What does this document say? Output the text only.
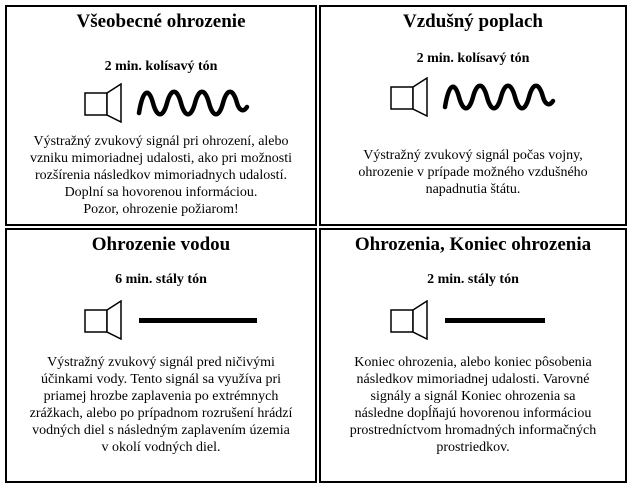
Všeobecné ohrozenie
2 min. kolísavý tón
Výstražný zvukový signál pri ohrození, alebo
vzniku mimoriadnej udalosti, ako pri možnosti
rozšírenia následkov mimoriadnych udalostí.
Doplní sa hovorenou informáciou.
Pozor, ohrozenie požiarom!
Vzdušný poplach
2 min. kolísavý tón
Výstražný zvukový signál počas vojny,
ohrozenie v prípade možného vzdušného
napadnutia štátu.
Ohrozenie vodou
6 min. stály tón
Výstražný zvukový signál pred ničivými
účinkami vody. Tento signál sa využíva pri
priamej hrozbe zaplavenia po extrémnych
zrážkach, alebo po prípadnom rozrušení hrádzí
vodných diel s následným zaplavením územia
v okolí vodných diel.
Ohrozenia, Koniec ohrozenia
2 min. stály tón
Koniec ohrozenia, alebo koniec pôsobenia
následkov mimoriadnej udalosti. Varovné
signály a signál Koniec ohrozenia sa
následne dopĺňajú hovorenou informáciou
prostredníctvom hromadných informačných
prostriedkov.
